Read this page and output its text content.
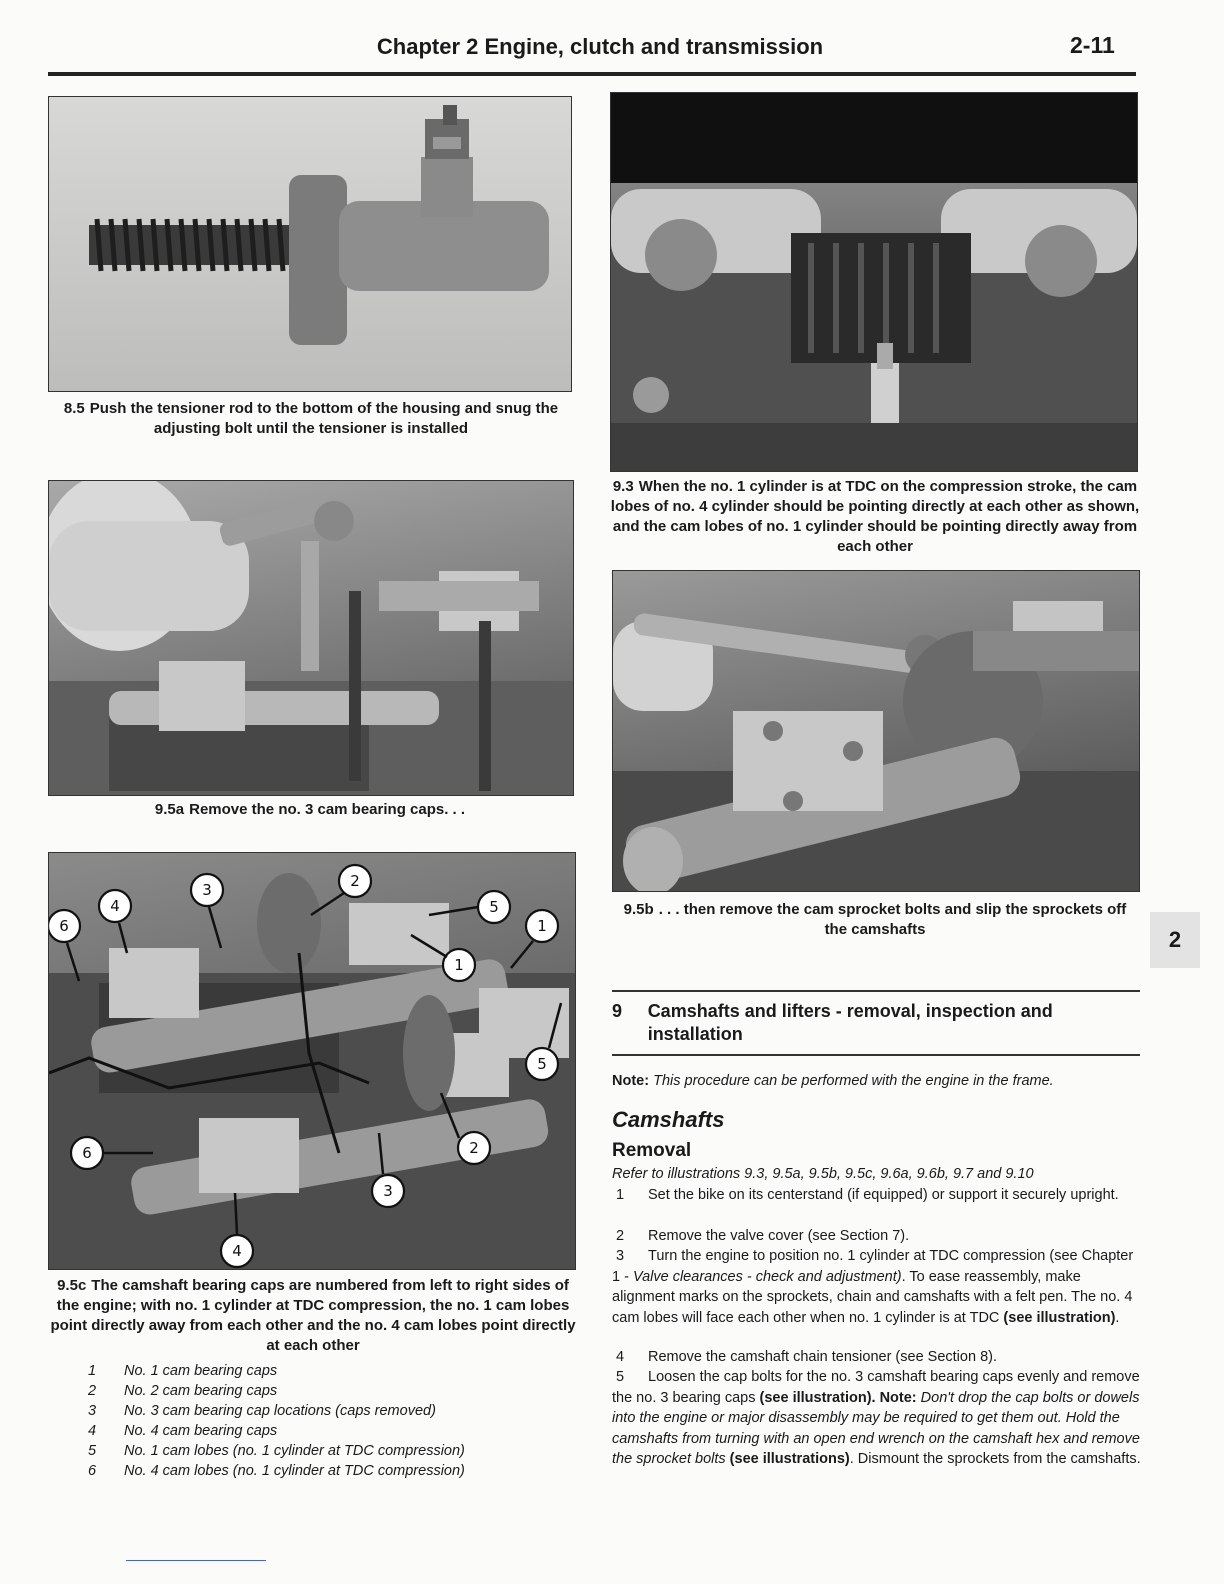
Chapter 2 Engine, clutch and transmission	2-11
8.5 Push the tensioner rod to the bottom of the housing and snug the adjusting bolt until the tensioner is installed
9.5a Remove the no. 3 cam bearing caps. . .
4
3	2
5
1
1
6
5
2
6
3
4
9.5c The camshaft bearing caps are numbered from left to right sides of the engine; with no. 1 cylinder at TDC compression, the no. 1 cam lobes point directly away from each other and the no. 4 cam lobes point directly at each other
1	No. 1 cam bearing caps
2	No. 2 cam bearing caps
3	No. 3 cam bearing cap locations (caps removed)
4	No. 4 cam bearing caps
5	No. 1 cam lobes (no. 1 cylinder at TDC compression)
6	No. 4 cam lobes (no. 1 cylinder at TDC compression)
9.3 When the no. 1 cylinder is at TDC on the compression stroke, the cam lobes of no. 4 cylinder should be pointing directly at each other as shown, and the cam lobes of no. 1 cylinder should be pointing directly away from each other
9.5b . . . then remove the cam sprocket bolts and slip the sprockets off the camshafts	2
9	Camshafts and lifters - removal, inspection and installation
Note: This procedure can be performed with the engine in the frame.
Camshafts
Removal
Refer to illustrations 9.3, 9.5a, 9.5b, 9.5c, 9.6a, 9.6b, 9.7 and 9.10
1 Set the bike on its centerstand (if equipped) or support it securely upright.
2 Remove the valve cover (see Section 7).
3 Turn the engine to position no. 1 cylinder at TDC compression (see Chapter 1 - Valve clearances - check and adjustment). To ease reassembly, make alignment marks on the sprockets, chain and camshafts with a felt pen. The no. 4 cam lobes will face each other when no. 1 cylinder is at TDC (see illustration).
4 Remove the camshaft chain tensioner (see Section 8).
5 Loosen the cap bolts for the no. 3 camshaft bearing caps evenly and remove the no. 3 bearing caps (see illustration). Note: Don't drop the cap bolts or dowels into the engine or major disassembly may be required to get them out. Hold the camshafts from turning with an open end wrench on the camshaft hex and remove the sprocket bolts (see illustrations). Dismount the sprockets from the camshafts.
